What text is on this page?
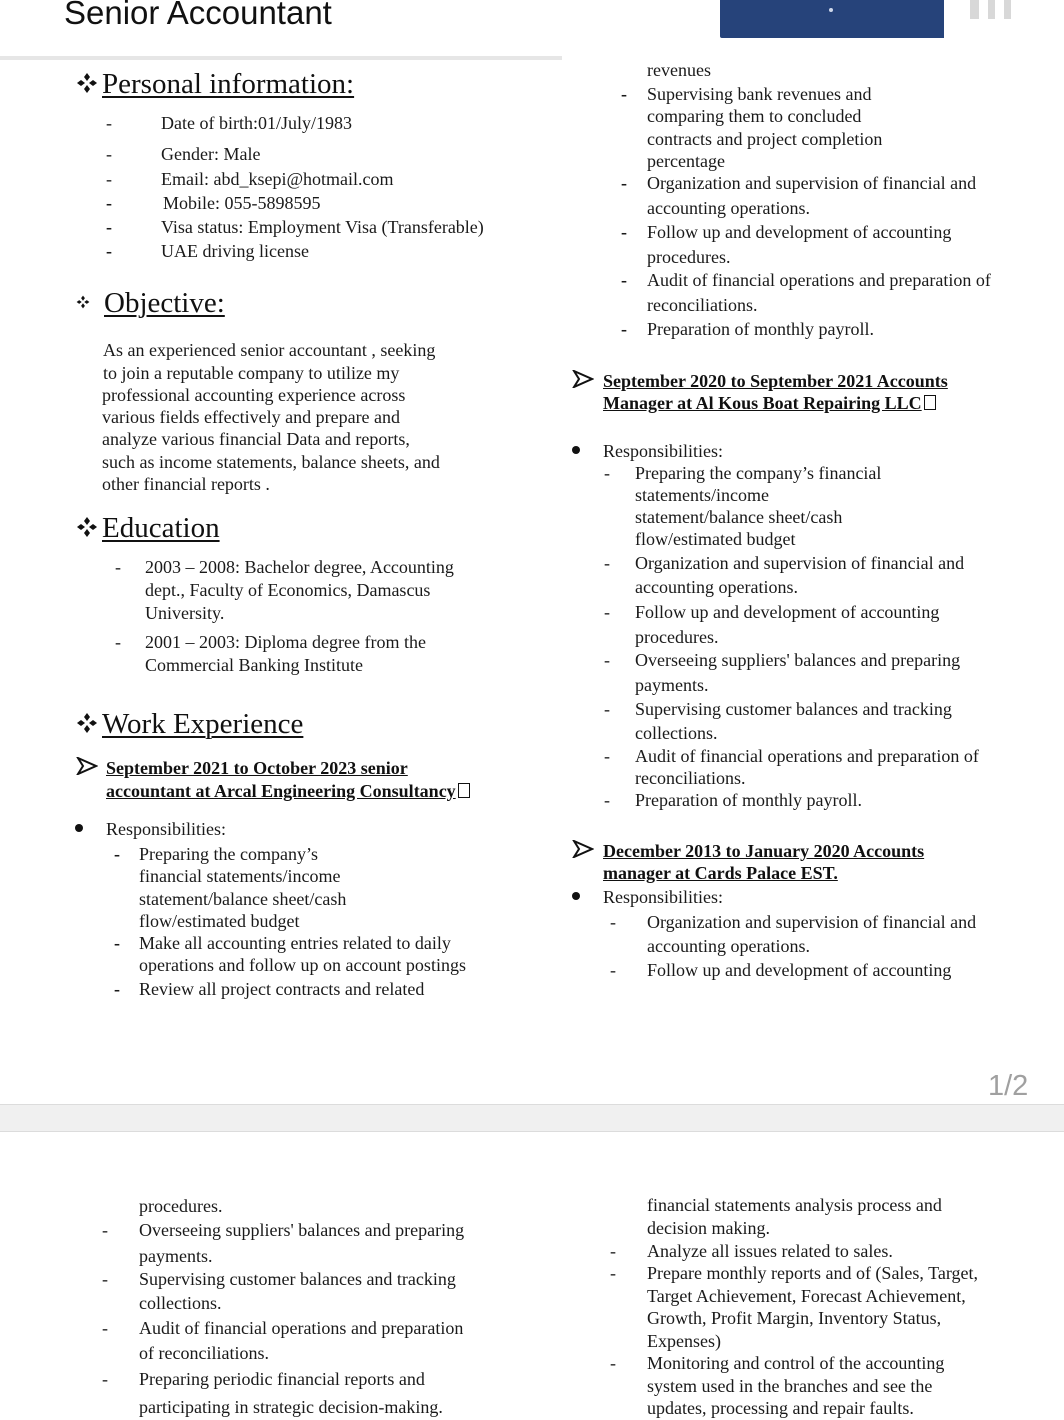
Senior Accountant
Personal information:
-	Date of birth:01/July/1983
-	Gender: Male
-	Email: abd_ksepi@hotmail.com
-	Mobile: 055-5898595
-	Visa status: Employment Visa (Transferable)
-	UAE driving license
Objective:
As an experienced senior accountant , seeking
to join a reputable company to utilize my
professional accounting experience across
various fields effectively and prepare and
analyze various financial Data and reports,
such as income statements, balance sheets, and
other financial reports .
Education
- 2003 – 2008: Bachelor degree, Accounting
dept., Faculty of Economics, Damascus
University.
- 2001 – 2003: Diploma degree from the
Commercial Banking Institute
Work Experience
September 2021 to October 2023 senior
accountant at Arcal Engineering Consultancy
Responsibilities:
- Preparing the company’s
financial statements/income
statement/balance sheet/cash
flow/estimated budget
- Make all accounting entries related to daily
operations and follow up on account postings
- Review all project contracts and related
revenues
- Supervising bank revenues and
comparing them to concluded
contracts and project completion
percentage
- Organization and supervision of financial and
accounting operations.
- Follow up and development of accounting
procedures.
- Audit of financial operations and preparation of
reconciliations.
- Preparation of monthly payroll.
September 2020 to September 2021 Accounts
Manager at Al Kous Boat Repairing LLC
Responsibilities:
- Preparing the company’s financial
statements/income
statement/balance sheet/cash
flow/estimated budget
- Organization and supervision of financial and
accounting operations.
- Follow up and development of accounting
procedures.
- Overseeing suppliers' balances and preparing
payments.
- Supervising customer balances and tracking
collections.
- Audit of financial operations and preparation of
reconciliations.
- Preparation of monthly payroll.
December 2013 to January 2020 Accounts
manager at Cards Palace EST.
Responsibilities:
- Organization and supervision of financial and
accounting operations.
- Follow up and development of accounting
1/2
procedures.
- Overseeing suppliers' balances and preparing
payments.
- Supervising customer balances and tracking
collections.
- Audit of financial operations and preparation
of reconciliations.
- Preparing periodic financial reports and
participating in strategic decision-making.
financial statements analysis process and
decision making.
- Analyze all issues related to sales.
- Prepare monthly reports and of (Sales, Target,
Target Achievement, Forecast Achievement,
Growth, Profit Margin, Inventory Status,
Expenses)
- Monitoring and control of the accounting
system used in the branches and see the
updates, processing and repair faults.
